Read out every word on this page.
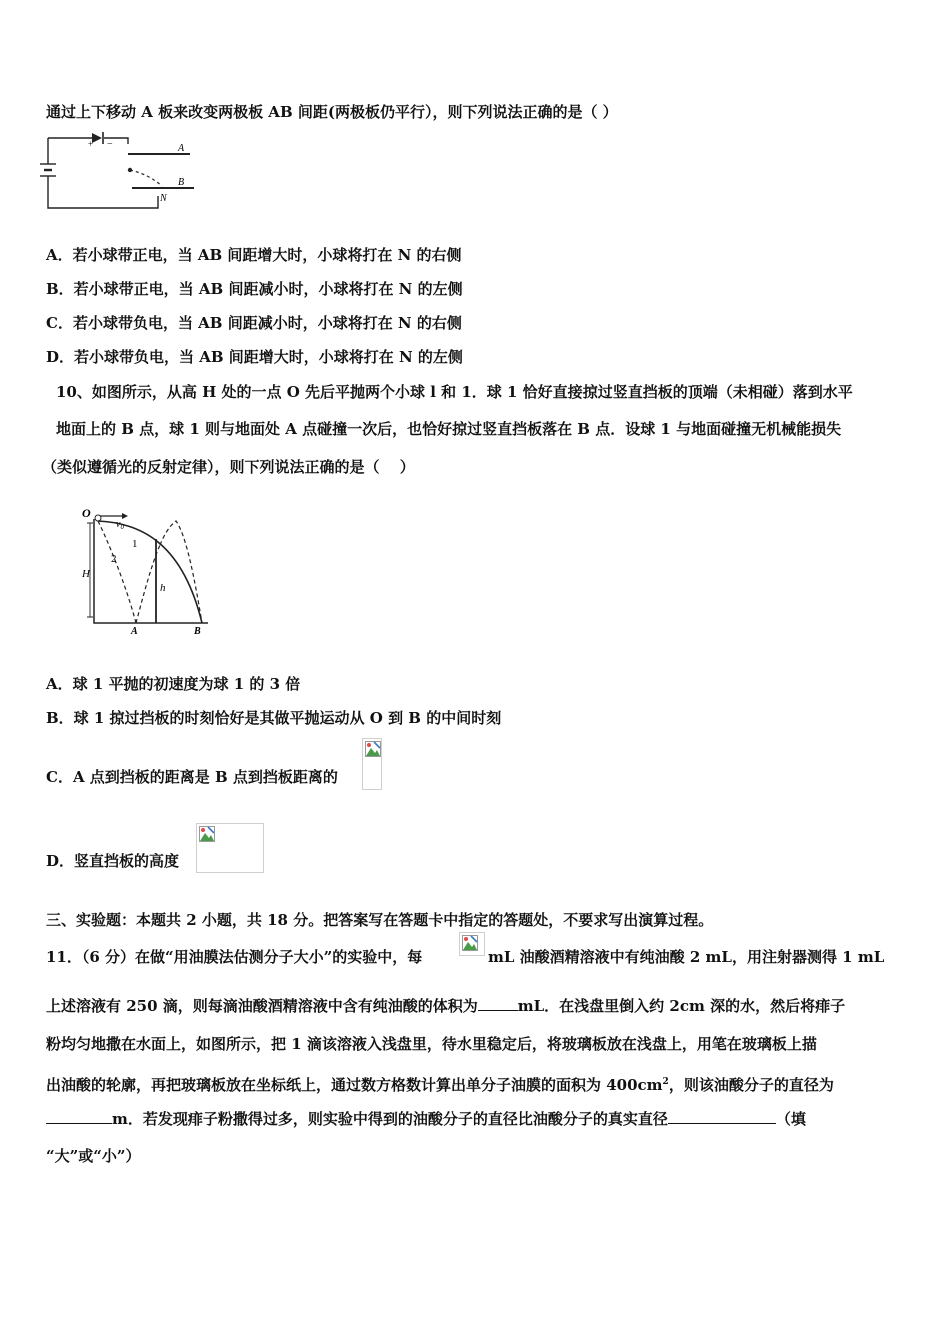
通过上下移动 A 板来改变两极板 AB 间距(两极板仍平行），则下列说法正确的是（ ）
+ −	A
B
N
A．若小球带正电，当 AB 间距增大时，小球将打在 N 的右侧
B．若小球带正电，当 AB 间距减小时，小球将打在 N 的左侧
C．若小球带负电，当 AB 间距减小时，小球将打在 N 的右侧
D．若小球带负电，当 AB 间距增大时，小球将打在 N 的左侧
10、如图所示，从高 H 处的一点 O 先后平抛两个小球 l 和 1．球 1 恰好直接掠过竖直挡板的顶端（未相碰）落到水平
地面上的 B 点，球 1 则与地面处 A 点碰撞一次后，也恰好掠过竖直挡板落在 B 点．设球 1 与地面碰撞无机械能损失
（类似遵循光的反射定律），则下列说法正确的是（　 ）
O
$v_0$
H
h
1
2
A	B
A．球 1 平抛的初速度为球 1 的 3 倍
B．球 1 掠过挡板的时刻恰好是其做平抛运动从 O 到 B 的中间时刻
C．A 点到挡板的距离是 B 点到挡板距离的
D．竖直挡板的高度
三、实验题：本题共 2 小题，共 18 分。把答案写在答题卡中指定的答题处，不要求写出演算过程。
11．（6 分）在做“用油膜法估测分子大小”的实验中，每	mL 油酸酒精溶液中有纯油酸 2 mL，用注射器测得 1 mL
上述溶液有 250 滴，则每滴油酸酒精溶液中含有纯油酸的体积为	mL．在浅盘里倒入约 2cm 深的水，然后将痱子
粉均匀地撒在水面上，如图所示，把 1 滴该溶液入浅盘里，待水里稳定后，将玻璃板放在浅盘上，用笔在玻璃板上描
出油酸的轮廓，再把玻璃板放在坐标纸上，通过数方格数计算出单分子油膜的面积为 $400cm^2$，则该油酸分子的直径为
m．若发现痱子粉撒得过多，则实验中得到的油酸分子的直径比油酸分子的真实直径	（填
“大”或“小”）
